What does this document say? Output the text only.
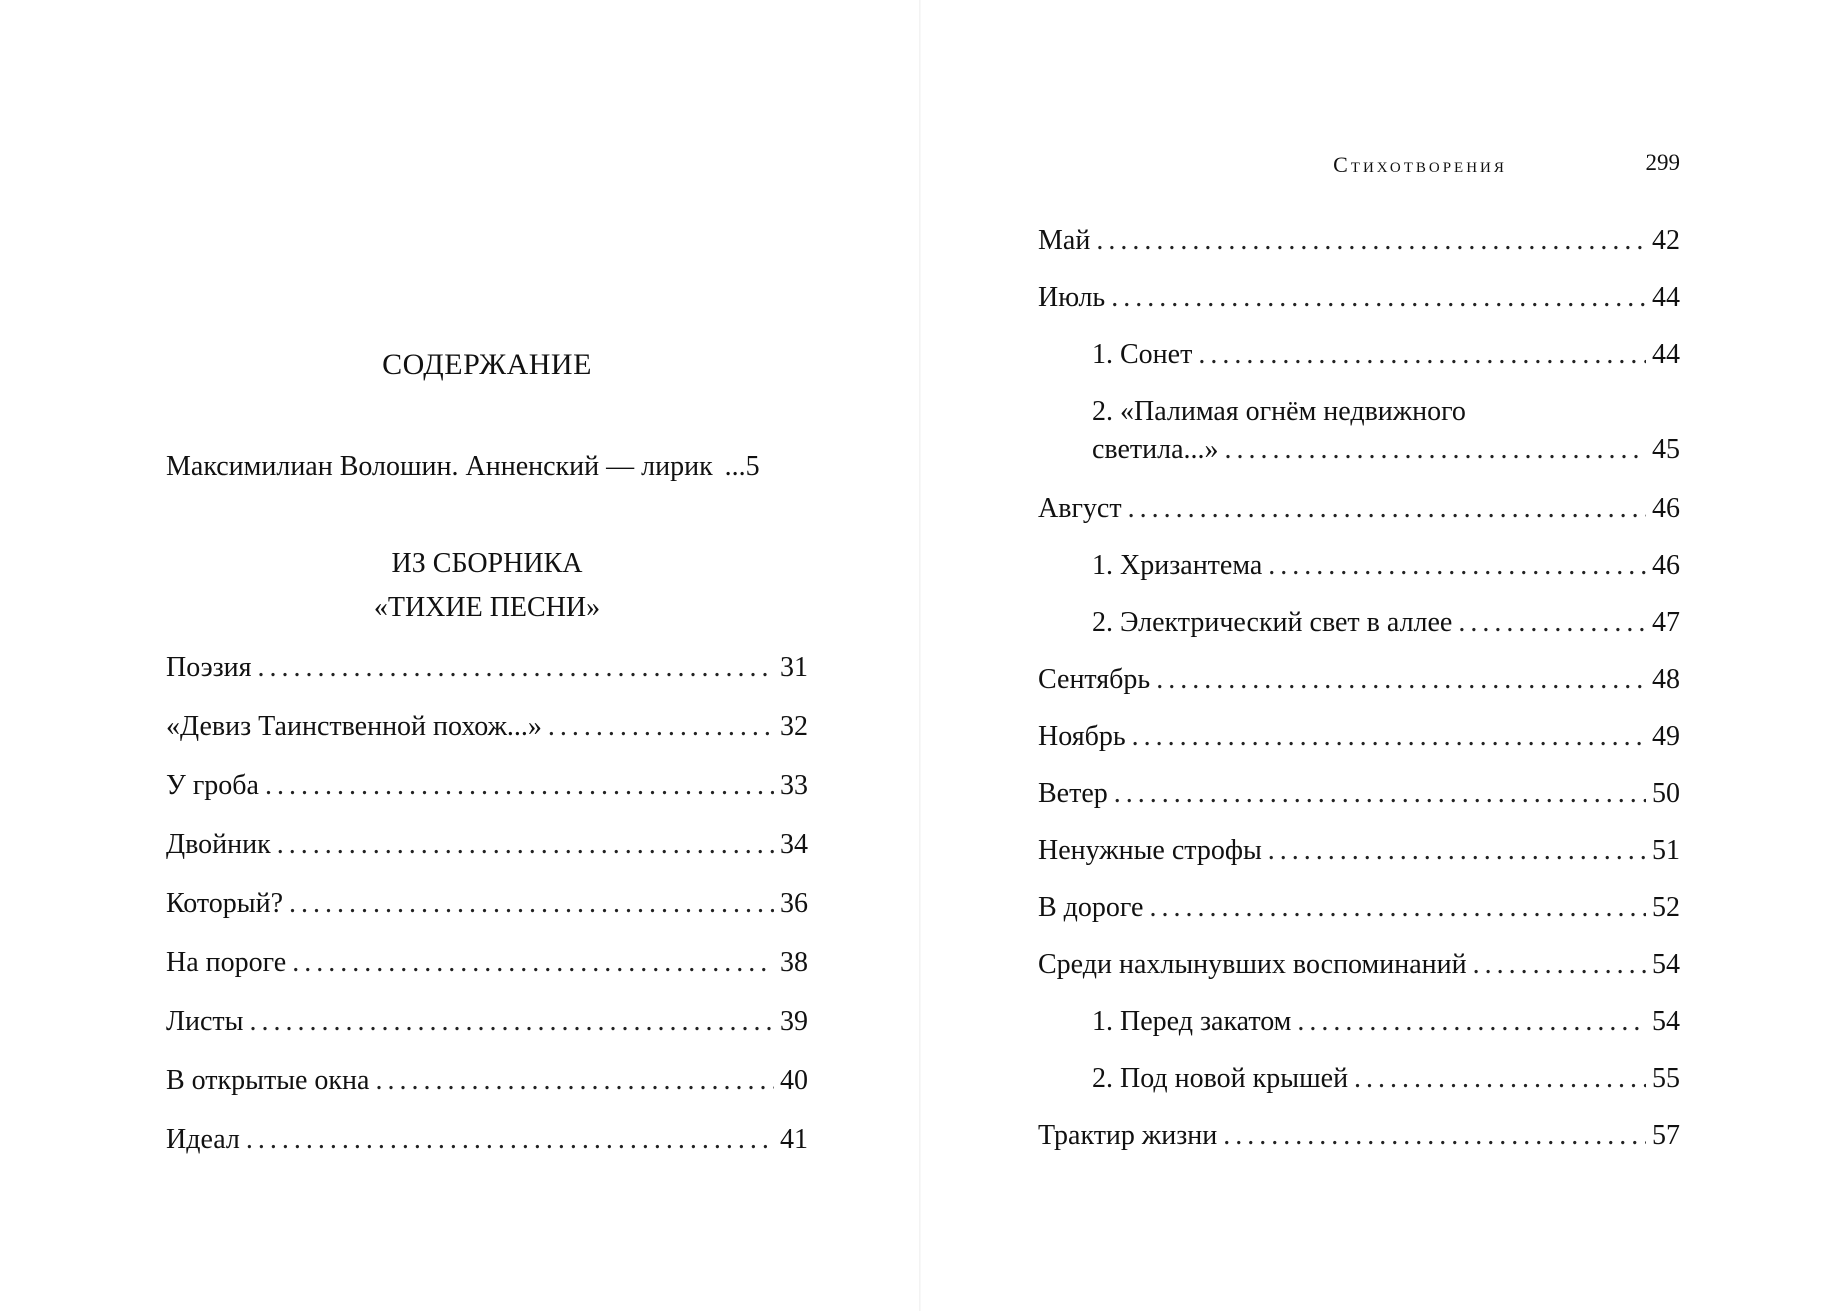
СОДЕРЖАНИЕ
Максимилиан Волошин. Анненский — лирик ...5
ИЗ СБОРНИКА
«ТИХИЕ ПЕСНИ»
Поэзия . . .	31
«Девиз Таинственной похож...» . . .	32
У гроба . . .	33
Двойник . . .	34
Который? . . .	36
На пороге . . .	38
Листы . . .	39
В открытые окна . . .	40
Идеал . . .	41
Стихотворения	299
Май . . .	42
Июль . . .	44
1. Сонет . . .	44
2. «Палимая огнём недвижного
светила...» . . .	45
Август . . .	46
1. Хризантема . . .	46
2. Электрический свет в аллее . . .	47
Сентябрь . . .	48
Ноябрь . . .	49
Ветер . . .	50
Ненужные строфы . . .	51
В дороге . . .	52
Среди нахлынувших воспоминаний . . .	54
1. Перед закатом . . .	54
2. Под новой крышей . . .	55
Трактир жизни . . .	57
